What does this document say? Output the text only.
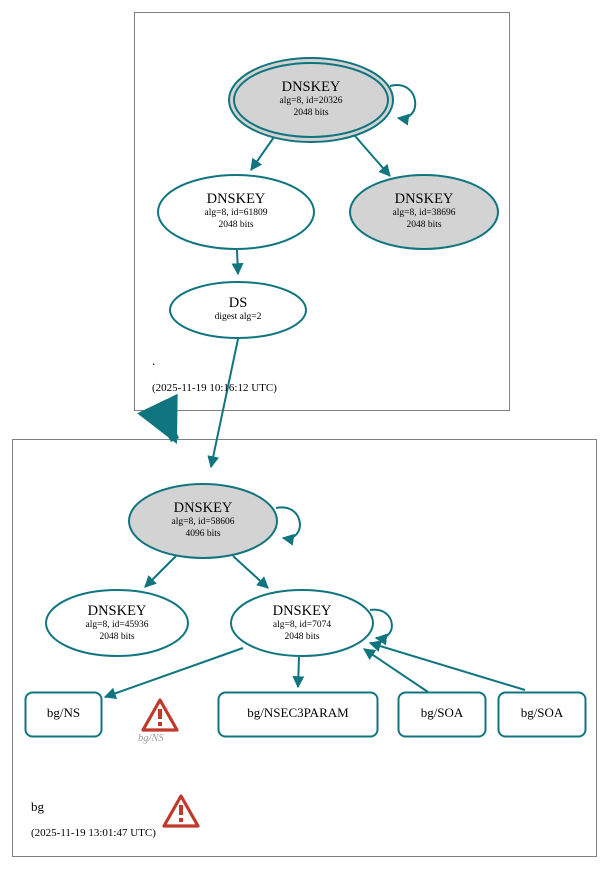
DNSKEY
alg=8, id=20326
2048 bits
DNSKEY
alg=8, id=61809
2048 bits
DNSKEY
alg=8, id=38696
2048 bits
DS
digest alg=2
DNSKEY
alg=8, id=58606
4096 bits
DNSKEY
alg=8, id=45936
2048 bits
DNSKEY
alg=8, id=7074
2048 bits
bg/NS	bg/NSEC3PARAM	bg/SOA	bg/SOA
bg/NS
.
(2025-11-19 10:16:12 UTC)
bg
(2025-11-19 13:01:47 UTC)
